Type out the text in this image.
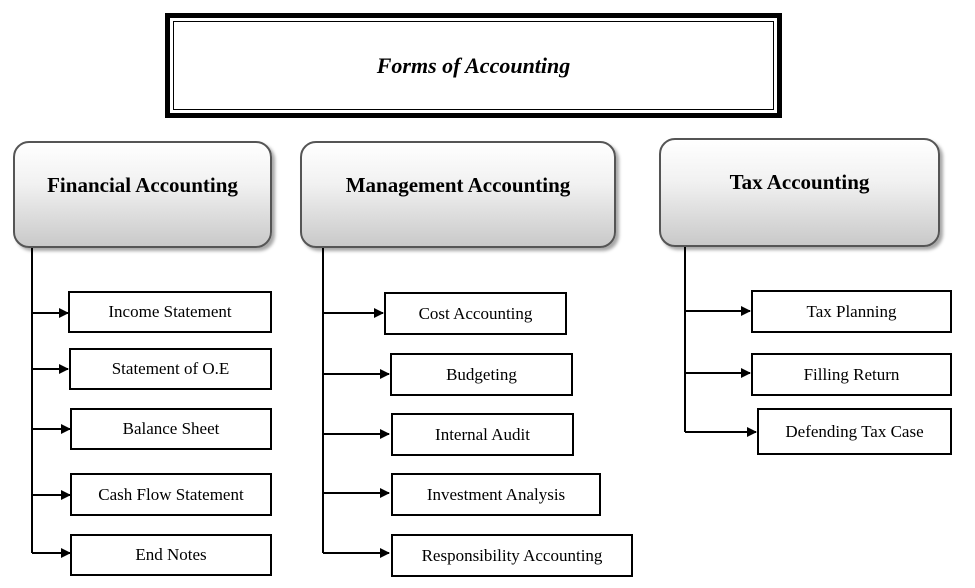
Forms of Accounting
Financial Accounting	Management Accounting	Tax Accounting
Income Statement
Statement of O.E
Balance Sheet
Cash Flow Statement
End Notes
Cost Accounting
Budgeting
Internal Audit
Investment Analysis
Responsibility Accounting
Tax Planning
Filling Return
Defending Tax Case
